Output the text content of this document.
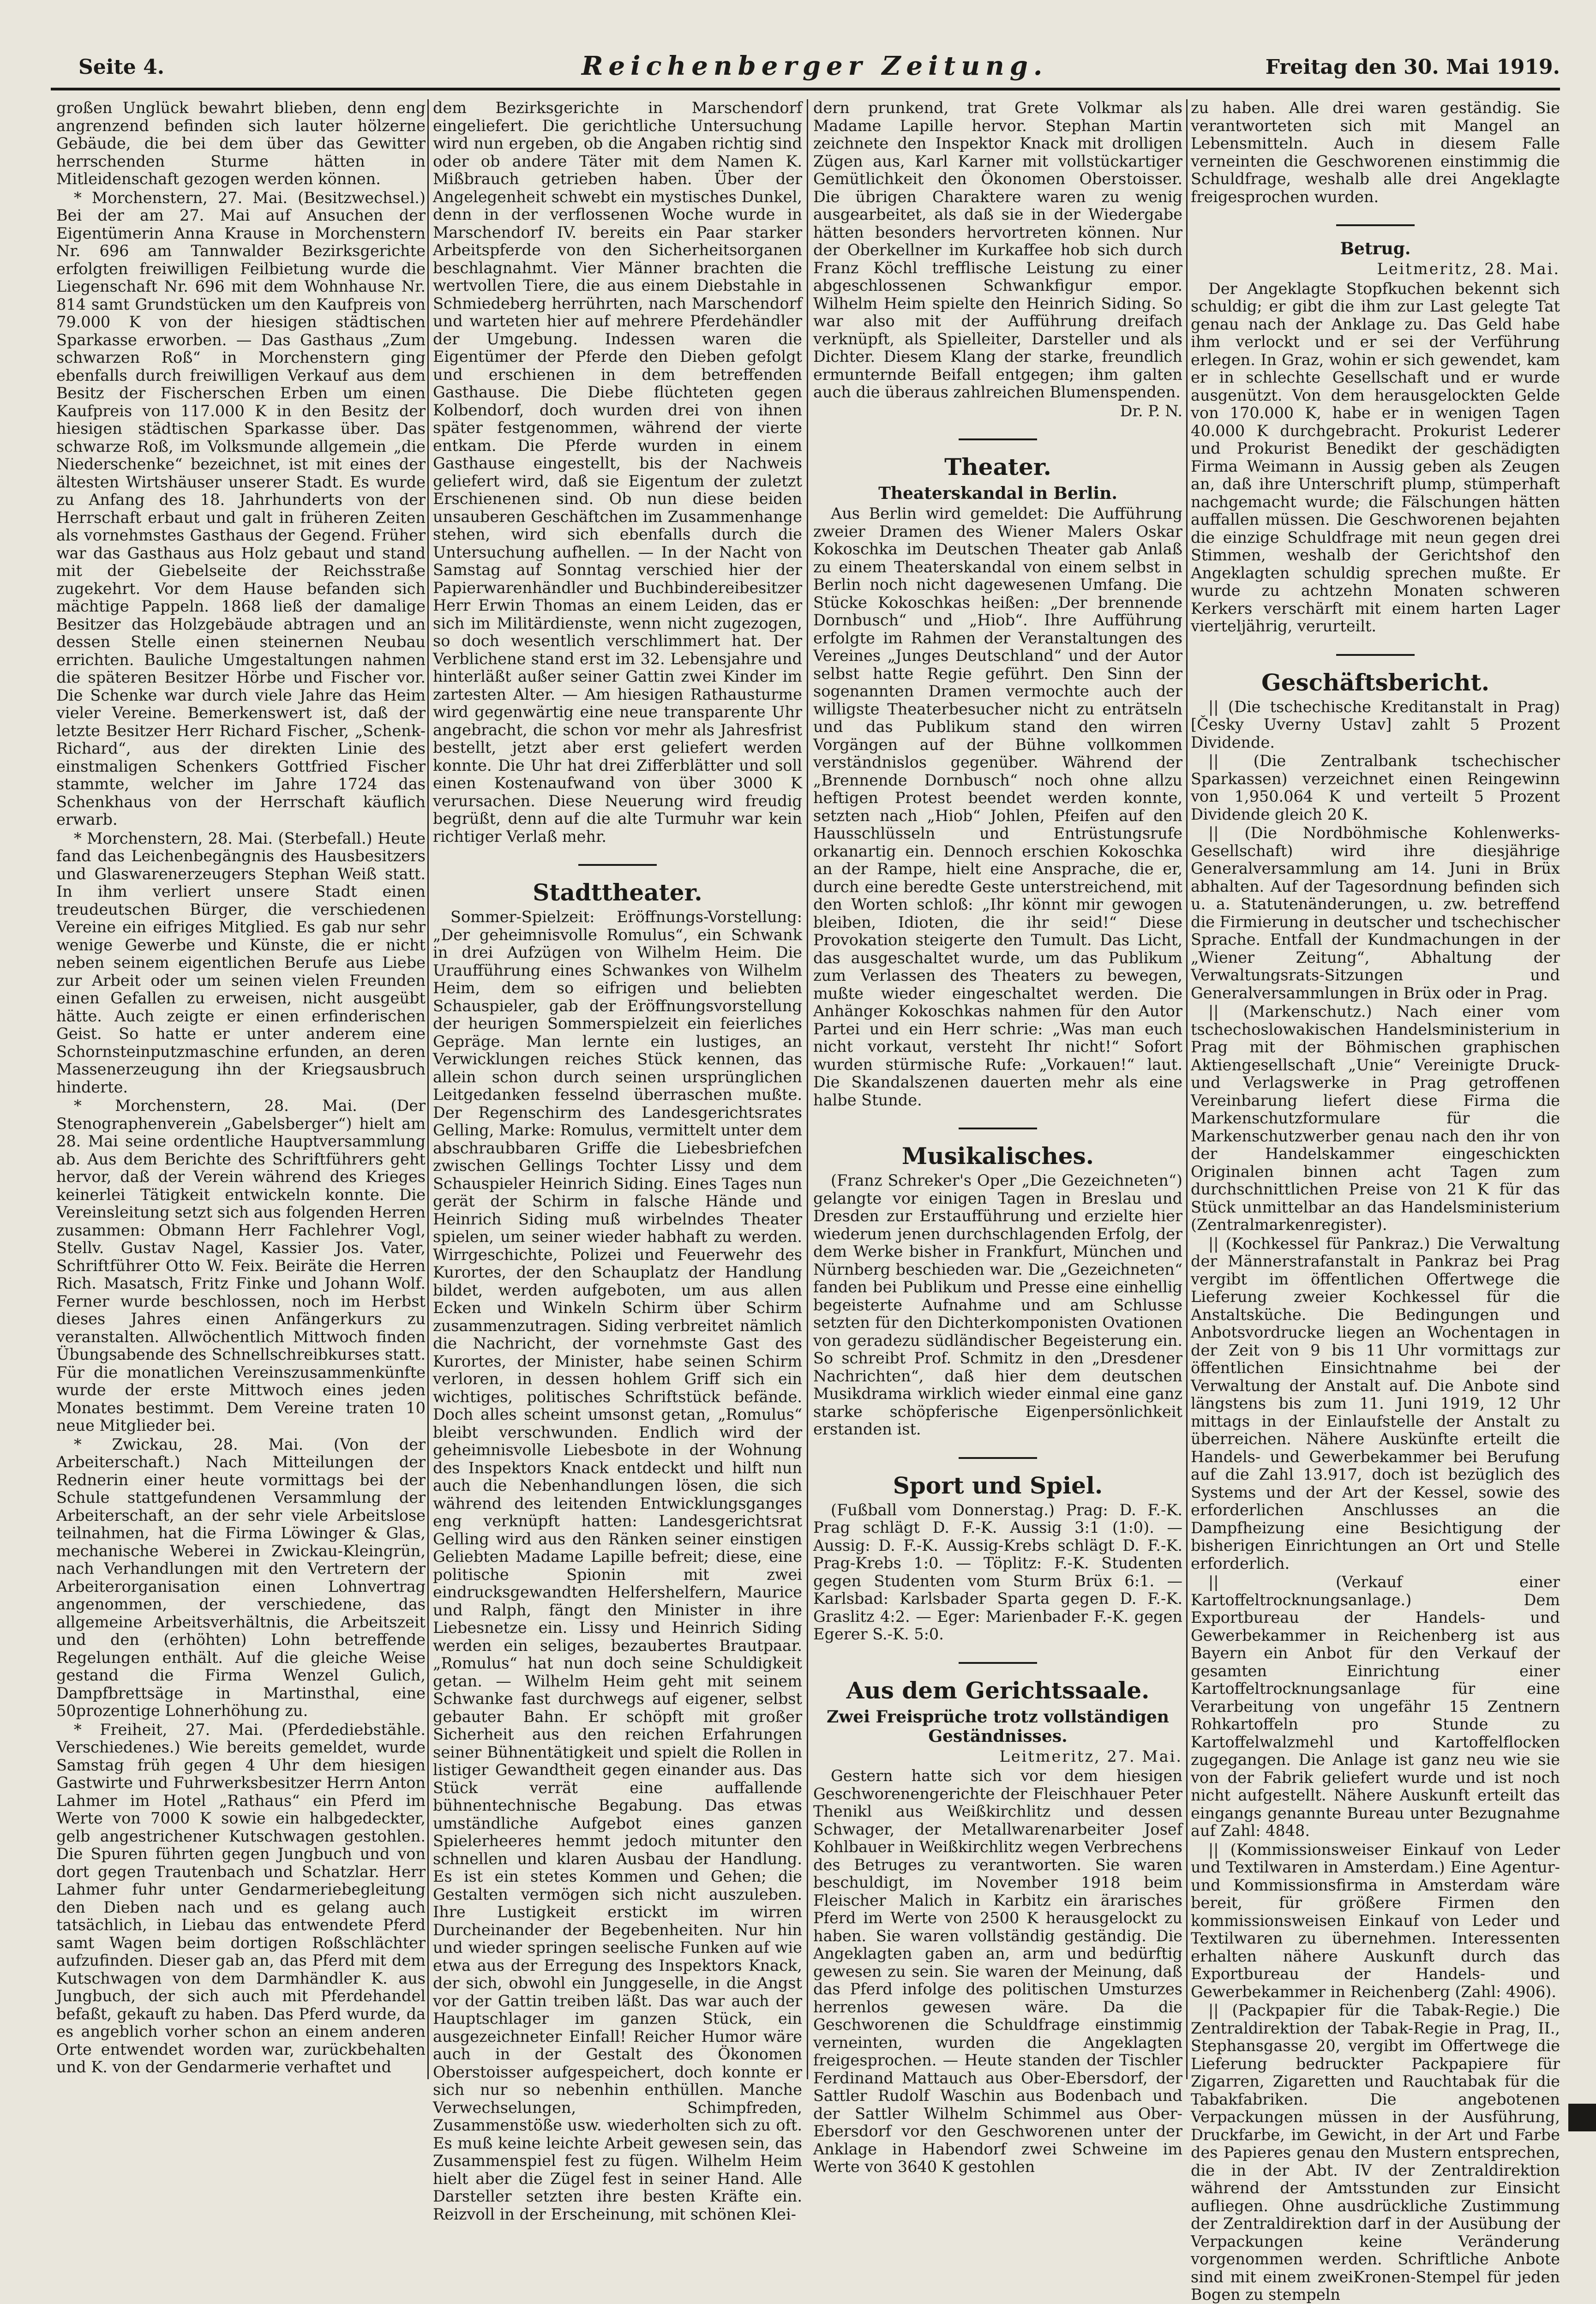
Seite 4.	Reichenberger Zeitung.	Freitag den 30. Mai 1919.

großen Unglück bewahrt blieben, denn eng angrenzend befinden sich lauter hölzerne Gebäude, die bei dem über das Gewitter herrschenden Sturme hätten in Mitleidenschaft gezogen werden können.

* Morchenstern, 27. Mai. (Besitzwechsel.) Bei der am 27. Mai auf Ansuchen der Eigentümerin Anna Krause in Morchenstern Nr. 696 am Tannwalder Bezirksgerichte erfolgten freiwilligen Feilbietung wurde die Liegenschaft Nr. 696 mit dem Wohnhause Nr. 814 samt Grundstücken um den Kaufpreis von 79.000 K von der hiesigen städtischen Sparkasse erworben. — Das Gasthaus „Zum schwarzen Roß“ in Morchenstern ging ebenfalls durch freiwilligen Verkauf aus dem Besitz der Fischerschen Erben um einen Kaufpreis von 117.000 K in den Besitz der hiesigen städtischen Sparkasse über. Das schwarze Roß, im Volksmunde allgemein „die Niederschenke“ bezeichnet, ist mit eines der ältesten Wirtshäuser unserer Stadt. Es wurde zu Anfang des 18. Jahrhunderts von der Herrschaft erbaut und galt in früheren Zeiten als vornehmstes Gasthaus der Gegend. Früher war das Gasthaus aus Holz gebaut und stand mit der Giebelseite der Reichsstraße zugekehrt. Vor dem Hause befanden sich mächtige Pappeln. 1868 ließ der damalige Besitzer das Holzgebäude abtragen und an dessen Stelle einen steinernen Neubau errichten. Bauliche Umgestaltungen nahmen die späteren Besitzer Hörbe und Fischer vor. Die Schenke war durch viele Jahre das Heim vieler Vereine. Bemerkenswert ist, daß der letzte Besitzer Herr Richard Fischer, „Schenk-Richard“, aus der direkten Linie des einstmaligen Schenkers Gottfried Fischer stammte, welcher im Jahre 1724 das Schenkhaus von der Herrschaft käuflich erwarb.

* Morchenstern, 28. Mai. (Sterbefall.) Heute fand das Leichenbegängnis des Hausbesitzers und Glaswarenerzeugers Stephan Weiß statt. In ihm verliert unsere Stadt einen treudeutschen Bürger, die verschiedenen Vereine ein eifriges Mitglied. Es gab nur sehr wenige Gewerbe und Künste, die er nicht neben seinem eigentlichen Berufe aus Liebe zur Arbeit oder um seinen vielen Freunden einen Gefallen zu erweisen, nicht ausgeübt hätte. Auch zeigte er einen erfinderischen Geist. So hatte er unter anderem eine Schornsteinputzmaschine erfunden, an deren Massenerzeugung ihn der Kriegsausbruch hinderte.

* Morchenstern, 28. Mai. (Der Stenographenverein „Gabelsberger“) hielt am 28. Mai seine ordentliche Hauptversammlung ab. Aus dem Berichte des Schriftführers geht hervor, daß der Verein während des Krieges keinerlei Tätigkeit entwickeln konnte. Die Vereinsleitung setzt sich aus folgenden Herren zusammen: Obmann Herr Fachlehrer Vogl, Stellv. Gustav Nagel, Kassier Jos. Vater, Schriftführer Otto W. Feix. Beiräte die Herren Rich. Masatsch, Fritz Finke und Johann Wolf. Ferner wurde beschlossen, noch im Herbst dieses Jahres einen Anfängerkurs zu veranstalten. Allwöchentlich Mittwoch finden Übungsabende des Schnellschreibkurses statt. Für die monatlichen Vereinszusammenkünfte wurde der erste Mittwoch eines jeden Monates bestimmt. Dem Vereine traten 10 neue Mitglieder bei.

* Zwickau, 28. Mai. (Von der Arbeiterschaft.) Nach Mitteilungen der Rednerin einer heute vormittags bei der Schule stattgefundenen Versammlung der Arbeiterschaft, an der sehr viele Arbeitslose teilnahmen, hat die Firma Löwinger & Glas, mechanische Weberei in Zwickau-Kleingrün, nach Verhandlungen mit den Vertretern der Arbeiterorganisation einen Lohnvertrag angenommen, der verschiedene, das allgemeine Arbeitsverhältnis, die Arbeitszeit und den (erhöhten) Lohn betreffende Regelungen enthält. Auf die gleiche Weise gestand die Firma Wenzel Gulich, Dampfbrettsäge in Martinsthal, eine 50prozentige Lohnerhöhung zu.

* Freiheit, 27. Mai. (Pferdediebstähle. Verschiedenes.) Wie bereits gemeldet, wurde Samstag früh gegen 4 Uhr dem hiesigen Gastwirte und Fuhrwerksbesitzer Herrn Anton Lahmer im Hotel „Rathaus“ ein Pferd im Werte von 7000 K sowie ein halbgedeckter, gelb angestrichener Kutschwagen gestohlen. Die Spuren führten gegen Jungbuch und von dort gegen Trautenbach und Schatzlar. Herr Lahmer fuhr unter Gendarmeriebegleitung den Dieben nach und es gelang auch tatsächlich, in Liebau das entwendete Pferd samt Wagen beim dortigen Roßschlächter aufzufinden. Dieser gab an, das Pferd mit dem Kutschwagen von dem Darmhändler K. aus Jungbuch, der sich auch mit Pferdehandel befaßt, gekauft zu haben. Das Pferd wurde, da es angeblich vorher schon an einem anderen Orte entwendet worden war, zurückbehalten und K. von der Gendarmerie verhaftet und

dem Bezirksgerichte in Marschendorf eingeliefert. Die gerichtliche Untersuchung wird nun ergeben, ob die Angaben richtig sind oder ob andere Täter mit dem Namen K. Mißbrauch getrieben haben. Über der Angelegenheit schwebt ein mystisches Dunkel, denn in der verflossenen Woche wurde in Marschendorf IV. bereits ein Paar starker Arbeitspferde von den Sicherheitsorganen beschlagnahmt. Vier Männer brachten die wertvollen Tiere, die aus einem Diebstahle in Schmiedeberg herrührten, nach Marschendorf und warteten hier auf mehrere Pferdehändler der Umgebung. Indessen waren die Eigentümer der Pferde den Dieben gefolgt und erschienen in dem betreffenden Gasthause. Die Diebe flüchteten gegen Kolbendorf, doch wurden drei von ihnen später festgenommen, während der vierte entkam. Die Pferde wurden in einem Gasthause eingestellt, bis der Nachweis geliefert wird, daß sie Eigentum der zuletzt Erschienenen sind. Ob nun diese beiden unsauberen Geschäftchen im Zusammenhange stehen, wird sich ebenfalls durch die Untersuchung aufhellen. — In der Nacht von Samstag auf Sonntag verschied hier der Papierwarenhändler und Buchbindereibesitzer Herr Erwin Thomas an einem Leiden, das er sich im Militärdienste, wenn nicht zugezogen, so doch wesentlich verschlimmert hat. Der Verblichene stand erst im 32. Lebensjahre und hinterläßt außer seiner Gattin zwei Kinder im zartesten Alter. — Am hiesigen Rathausturme wird gegenwärtig eine neue transparente Uhr angebracht, die schon vor mehr als Jahresfrist bestellt, jetzt aber erst geliefert werden konnte. Die Uhr hat drei Zifferblätter und soll einen Kostenaufwand von über 3000 K verursachen. Diese Neuerung wird freudig begrüßt, denn auf die alte Turmuhr war kein richtiger Verlaß mehr.

Stadttheater.

Sommer-Spielzeit: Eröffnungs-Vorstellung: „Der geheimnisvolle Romulus“, ein Schwank in drei Aufzügen von Wilhelm Heim. Die Uraufführung eines Schwankes von Wilhelm Heim, dem so eifrigen und beliebten Schauspieler, gab der Eröffnungsvorstellung der heurigen Sommerspielzeit ein feierliches Gepräge. Man lernte ein lustiges, an Verwicklungen reiches Stück kennen, das allein schon durch seinen ursprünglichen Leitgedanken fesselnd überraschen mußte. Der Regenschirm des Landesgerichtsrates Gelling, Marke: Romulus, vermittelt unter dem abschraubbaren Griffe die Liebesbriefchen zwischen Gellings Tochter Lissy und dem Schauspieler Heinrich Siding. Eines Tages nun gerät der Schirm in falsche Hände und Heinrich Siding muß wirbelndes Theater spielen, um seiner wieder habhaft zu werden. Wirrgeschichte, Polizei und Feuerwehr des Kurortes, der den Schauplatz der Handlung bildet, werden aufgeboten, um aus allen Ecken und Winkeln Schirm über Schirm zusammenzutragen. Siding verbreitet nämlich die Nachricht, der vornehmste Gast des Kurortes, der Minister, habe seinen Schirm verloren, in dessen hohlem Griff sich ein wichtiges, politisches Schriftstück befände. Doch alles scheint umsonst getan, „Romulus“ bleibt verschwunden. Endlich wird der geheimnisvolle Liebesbote in der Wohnung des Inspektors Knack entdeckt und hilft nun auch die Nebenhandlungen lösen, die sich während des leitenden Entwicklungsganges eng verknüpft hatten: Landesgerichtsrat Gelling wird aus den Ränken seiner einstigen Geliebten Madame Lapille befreit; diese, eine politische Spionin mit zwei eindrucksgewandten Helfershelfern, Maurice und Ralph, fängt den Minister in ihre Liebesnetze ein. Lissy und Heinrich Siding werden ein seliges, bezaubertes Brautpaar. „Romulus“ hat nun doch seine Schuldigkeit getan. — Wilhelm Heim geht mit seinem Schwanke fast durchwegs auf eigener, selbst gebauter Bahn. Er schöpft mit großer Sicherheit aus den reichen Erfahrungen seiner Bühnentätigkeit und spielt die Rollen in listiger Gewandtheit gegen einander aus. Das Stück verrät eine auffallende bühnentechnische Begabung. Das etwas umständliche Aufgebot eines ganzen Spielerheeres hemmt jedoch mitunter den schnellen und klaren Ausbau der Handlung. Es ist ein stetes Kommen und Gehen; die Gestalten vermögen sich nicht auszuleben. Ihre Lustigkeit erstickt im wirren Durcheinander der Begebenheiten. Nur hin und wieder springen seelische Funken auf wie etwa aus der Erregung des Inspektors Knack, der sich, obwohl ein Junggeselle, in die Angst vor der Gattin treiben läßt. Das war auch der Hauptschlager im ganzen Stück, ein ausgezeichneter Einfall! Reicher Humor wäre auch in der Gestalt des Ökonomen Oberstoisser aufgespeichert, doch konnte er sich nur so nebenhin enthüllen. Manche Verwechselungen, Schimpfreden, Zusammenstöße usw. wiederholten sich zu oft. Es muß keine leichte Arbeit gewesen sein, das Zusammenspiel fest zu fügen. Wilhelm Heim hielt aber die Zügel fest in seiner Hand. Alle Darsteller setzten ihre besten Kräfte ein. Reizvoll in der Erscheinung, mit schönen Klei-

dern prunkend, trat Grete Volkmar als Madame Lapille hervor. Stephan Martin zeichnete den Inspektor Knack mit drolligen Zügen aus, Karl Karner mit vollstückartiger Gemütlichkeit den Ökonomen Oberstoisser. Die übrigen Charaktere waren zu wenig ausgearbeitet, als daß sie in der Wiedergabe hätten besonders hervortreten können. Nur der Oberkellner im Kurkaffee hob sich durch Franz Köchl trefflische Leistung zu einer abgeschlossenen Schwankfigur empor. Wilhelm Heim spielte den Heinrich Siding. So war also mit der Aufführung dreifach verknüpft, als Spielleiter, Darsteller und als Dichter. Diesem Klang der starke, freundlich ermunternde Beifall entgegen; ihm galten auch die überaus zahlreichen Blumenspenden.

Dr. P. N.
Theater.
Theaterskandal in Berlin.

Aus Berlin wird gemeldet: Die Aufführung zweier Dramen des Wiener Malers Oskar Kokoschka im Deutschen Theater gab Anlaß zu einem Theaterskandal von einem selbst in Berlin noch nicht dagewesenen Umfang. Die Stücke Kokoschkas heißen: „Der brennende Dornbusch“ und „Hiob“. Ihre Aufführung erfolgte im Rahmen der Veranstaltungen des Vereines „Junges Deutschland“ und der Autor selbst hatte Regie geführt. Den Sinn der sogenannten Dramen vermochte auch der willigste Theaterbesucher nicht zu enträtseln und das Publikum stand den wirren Vorgängen auf der Bühne vollkommen verständnislos gegenüber. Während der „Brennende Dornbusch“ noch ohne allzu heftigen Protest beendet werden konnte, setzten nach „Hiob“ Johlen, Pfeifen auf den Hausschlüsseln und Entrüstungsrufe orkanartig ein. Dennoch erschien Kokoschka an der Rampe, hielt eine Ansprache, die er, durch eine beredte Geste unterstreichend, mit den Worten schloß: „Ihr könnt mir gewogen bleiben, Idioten, die ihr seid!“ Diese Provokation steigerte den Tumult. Das Licht, das ausgeschaltet wurde, um das Publikum zum Verlassen des Theaters zu bewegen, mußte wieder eingeschaltet werden. Die Anhänger Kokoschkas nahmen für den Autor Partei und ein Herr schrie: „Was man euch nicht vorkaut, versteht Ihr nicht!“ Sofort wurden stürmische Rufe: „Vorkauen!“ laut. Die Skandalszenen dauerten mehr als eine halbe Stunde.

Musikalisches.

(Franz Schreker's Oper „Die Gezeichneten“) gelangte vor einigen Tagen in Breslau und Dresden zur Erstaufführung und erzielte hier wiederum jenen durchschlagenden Erfolg, der dem Werke bisher in Frankfurt, München und Nürnberg beschieden war. Die „Gezeichneten“ fanden bei Publikum und Presse eine einhellig begeisterte Aufnahme und am Schlusse setzten für den Dichterkomponisten Ovationen von geradezu südländischer Begeisterung ein. So schreibt Prof. Schmitz in den „Dresdener Nachrichten“, daß hier dem deutschen Musikdrama wirklich wieder einmal eine ganz starke schöpferische Eigenpersönlichkeit erstanden ist.

Sport und Spiel.

(Fußball vom Donnerstag.) Prag: D. F.-K. Prag schlägt D. F.-K. Aussig 3:1 (1:0). — Aussig: D. F.-K. Aussig-Krebs schlägt D. F.-K. Prag-Krebs 1:0. — Töplitz: F.-K. Studenten gegen Studenten vom Sturm Brüx 6:1. — Karlsbad: Karlsbader Sparta gegen D. F.-K. Graslitz 4:2. — Eger: Marienbader F.-K. gegen Egerer S.-K. 5:0.

Aus dem Gerichtssaale.
Zwei Freisprüche trotz vollständigen Geständnisses.
Leitmeritz, 27. Mai.

Gestern hatte sich vor dem hiesigen Geschworenengerichte der Fleischhauer Peter Thenikl aus Weißkirchlitz und dessen Schwager, der Metallwarenarbeiter Josef Kohlbauer in Weißkirchlitz wegen Verbrechens des Betruges zu verantworten. Sie waren beschuldigt, im November 1918 beim Fleischer Malich in Karbitz ein ärarisches Pferd im Werte von 2500 K herausgelockt zu haben. Sie waren vollständig geständig. Die Angeklagten gaben an, arm und bedürftig gewesen zu sein. Sie waren der Meinung, daß das Pferd infolge des politischen Umsturzes herrenlos gewesen wäre. Da die Geschworenen die Schuldfrage einstimmig verneinten, wurden die Angeklagten freigesprochen. — Heute standen der Tischler Ferdinand Mattauch aus Ober-Ebersdorf, der Sattler Rudolf Waschin aus Bodenbach und der Sattler Wilhelm Schimmel aus Ober-Ebersdorf vor den Geschworenen unter der Anklage in Habendorf zwei Schweine im Werte von 3640 K gestohlen

zu haben. Alle drei waren geständig. Sie verantworteten sich mit Mangel an Lebensmitteln. Auch in diesem Falle verneinten die Geschworenen einstimmig die Schuldfrage, weshalb alle drei Angeklagte freigesprochen wurden.

Betrug.
Leitmeritz, 28. Mai.

Der Angeklagte Stopfkuchen bekennt sich schuldig; er gibt die ihm zur Last gelegte Tat genau nach der Anklage zu. Das Geld habe ihm verlockt und er sei der Verführung erlegen. In Graz, wohin er sich gewendet, kam er in schlechte Gesellschaft und er wurde ausgenützt. Von dem herausgelockten Gelde von 170.000 K, habe er in wenigen Tagen 40.000 K durchgebracht. Prokurist Lederer und Prokurist Benedikt der geschädigten Firma Weimann in Aussig geben als Zeugen an, daß ihre Unterschrift plump, stümperhaft nachgemacht wurde; die Fälschungen hätten auffallen müssen. Die Geschworenen bejahten die einzige Schuldfrage mit neun gegen drei Stimmen, weshalb der Gerichtshof den Angeklagten schuldig sprechen mußte. Er wurde zu achtzehn Monaten schweren Kerkers verschärft mit einem harten Lager vierteljährig, verurteilt.

Geschäftsbericht.

|| (Die tschechische Kreditanstalt in Prag) [Česky Uverny Ustav] zahlt 5 Prozent Dividende.

|| (Die Zentralbank tschechischer Sparkassen) verzeichnet einen Reingewinn von 1,950.064 K und verteilt 5 Prozent Dividende gleich 20 K.

|| (Die Nordböhmische Kohlenwerks-Gesellschaft) wird ihre diesjährige Generalversammlung am 14. Juni in Brüx abhalten. Auf der Tagesordnung befinden sich u. a. Statutenänderungen, u. zw. betreffend die Firmierung in deutscher und tschechischer Sprache. Entfall der Kundmachungen in der „Wiener Zeitung“, Abhaltung der Verwaltungsrats-Sitzungen und Generalversammlungen in Brüx oder in Prag.

|| (Markenschutz.) Nach einer vom tschechoslowakischen Handelsministerium in Prag mit der Böhmischen graphischen Aktiengesellschaft „Unie“ Vereinigte Druck- und Verlagswerke in Prag getroffenen Vereinbarung liefert diese Firma die Markenschutzformulare für die Markenschutzwerber genau nach den ihr von der Handelskammer eingeschickten Originalen binnen acht Tagen zum durchschnittlichen Preise von 21 K für das Stück unmittelbar an das Handelsministerium (Zentralmarkenregister).

|| (Kochkessel für Pankraz.) Die Verwaltung der Männerstrafanstalt in Pankraz bei Prag vergibt im öffentlichen Offertwege die Lieferung zweier Kochkessel für die Anstaltsküche. Die Bedingungen und Anbotsvordrucke liegen an Wochentagen in der Zeit von 9 bis 11 Uhr vormittags zur öffentlichen Einsichtnahme bei der Verwaltung der Anstalt auf. Die Anbote sind längstens bis zum 11. Juni 1919, 12 Uhr mittags in der Einlaufstelle der Anstalt zu überreichen. Nähere Auskünfte erteilt die Handels- und Gewerbekammer bei Berufung auf die Zahl 13.917, doch ist bezüglich des Systems und der Art der Kessel, sowie des erforderlichen Anschlusses an die Dampfheizung eine Besichtigung der bisherigen Einrichtungen an Ort und Stelle erforderlich.

|| (Verkauf einer Kartoffeltrocknungsanlage.) Dem Exportbureau der Handels- und Gewerbekammer in Reichenberg ist aus Bayern ein Anbot für den Verkauf der gesamten Einrichtung einer Kartoffeltrocknungsanlage für eine Verarbeitung von ungefähr 15 Zentnern Rohkartoffeln pro Stunde zu Kartoffelwalzmehl und Kartoffelflocken zugegangen. Die Anlage ist ganz neu wie sie von der Fabrik geliefert wurde und ist noch nicht aufgestellt. Nähere Auskunft erteilt das eingangs genannte Bureau unter Bezugnahme auf Zahl: 4848.

|| (Kommissionsweiser Einkauf von Leder und Textilwaren in Amsterdam.) Eine Agentur- und Kommissionsfirma in Amsterdam wäre bereit, für größere Firmen den kommissionsweisen Einkauf von Leder und Textilwaren zu übernehmen. Interessenten erhalten nähere Auskunft durch das Exportbureau der Handels- und Gewerbekammer in Reichenberg (Zahl: 4906).

|| (Packpapier für die Tabak-Regie.) Die Zentraldirektion der Tabak-Regie in Prag, II., Stephansgasse 20, vergibt im Offertwege die Lieferung bedruckter Packpapiere für Zigarren, Zigaretten und Rauchtabak für die Tabakfabriken. Die angebotenen Verpackungen müssen in der Ausführung, Druckfarbe, im Gewicht, in der Art und Farbe des Papieres genau den Mustern entsprechen, die in der Abt. IV der Zentraldirektion während der Amtsstunden zur Einsicht aufliegen. Ohne ausdrückliche Zustimmung der Zentraldirektion darf in der Ausübung der Verpackungen keine Veränderung vorgenommen werden. Schriftliche Anbote sind mit einem zweiKronen-Stempel für jeden Bogen zu stempeln
